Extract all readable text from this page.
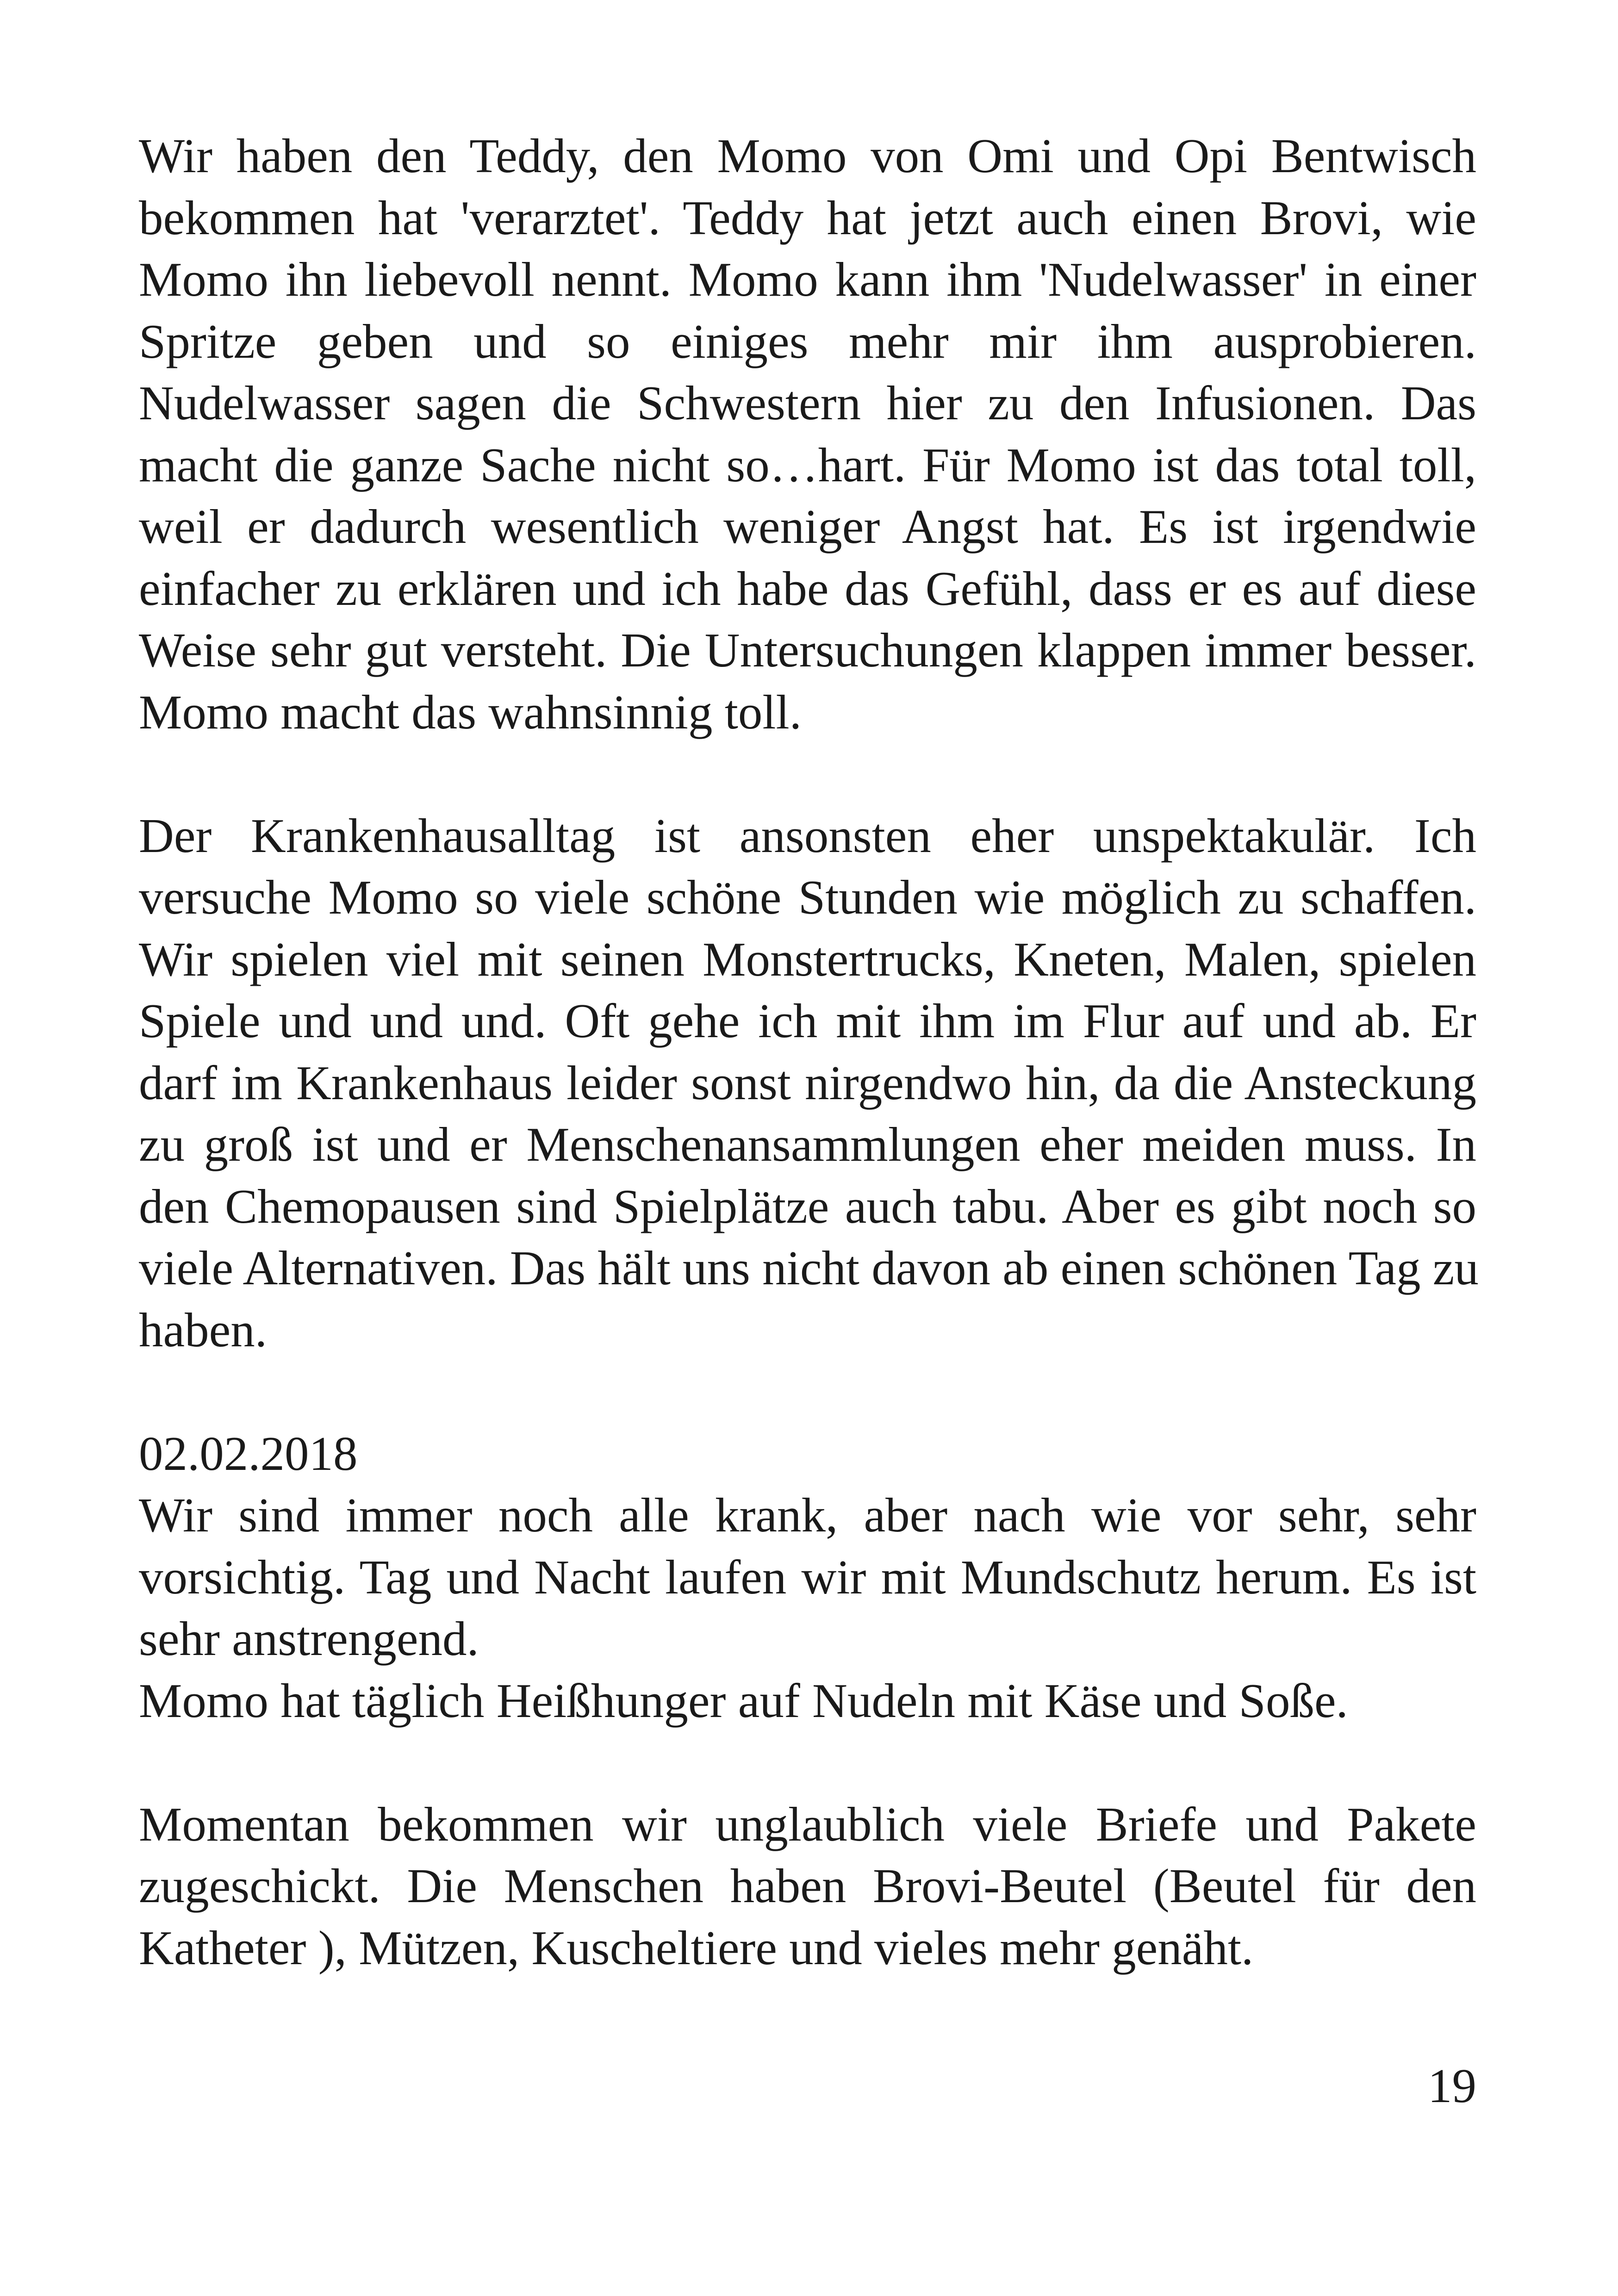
Wir haben den Teddy, den Momo von Omi und Opi Bentwisch
bekommen hat 'verarztet'. Teddy hat jetzt auch einen Brovi, wie
Momo ihn liebevoll nennt. Momo kann ihm 'Nudelwasser' in einer
Spritze geben und so einiges mehr mir ihm ausprobieren.
Nudelwasser sagen die Schwestern hier zu den Infusionen. Das
macht die ganze Sache nicht so…hart. Für Momo ist das total toll,
weil er dadurch wesentlich weniger Angst hat. Es ist irgendwie
einfacher zu erklären und ich habe das Gefühl, dass er es auf diese
Weise sehr gut versteht. Die Untersuchungen klappen immer besser.
Momo macht das wahnsinnig toll.

Der Krankenhausalltag ist ansonsten eher unspektakulär. Ich
versuche Momo so viele schöne Stunden wie möglich zu schaffen.
Wir spielen viel mit seinen Monstertrucks, Kneten, Malen, spielen
Spiele und und und. Oft gehe ich mit ihm im Flur auf und ab. Er
darf im Krankenhaus leider sonst nirgendwo hin, da die Ansteckung
zu groß ist und er Menschenansammlungen eher meiden muss. In
den Chemopausen sind Spielplätze auch tabu. Aber es gibt noch so
viele Alternativen. Das hält uns nicht davon ab einen schönen Tag zu
haben.

02.02.2018
Wir sind immer noch alle krank, aber nach wie vor sehr, sehr
vorsichtig. Tag und Nacht laufen wir mit Mundschutz herum. Es ist
sehr anstrengend.
Momo hat täglich Heißhunger auf Nudeln mit Käse und Soße.

Momentan bekommen wir unglaublich viele Briefe und Pakete
zugeschickt. Die Menschen haben Brovi-Beutel (Beutel für den
Katheter ), Mützen, Kuscheltiere und vieles mehr genäht.

19
